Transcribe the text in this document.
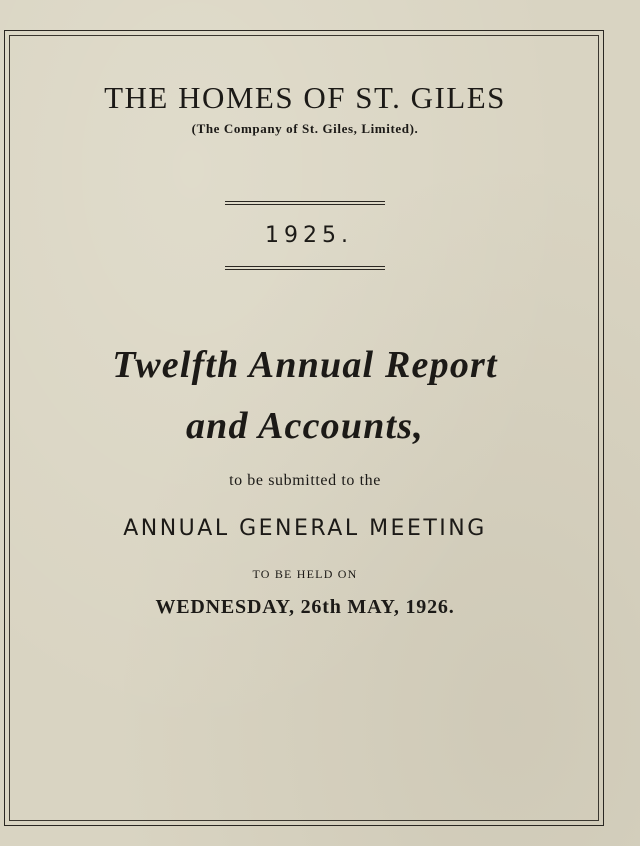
THE HOMES OF ST. GILES
(The Company of St. Giles, Limited).
1925.
Twelfth Annual Report
and Accounts,
to be submitted to the
ANNUAL GENERAL MEETING
TO BE HELD ON
WEDNESDAY, 26th MAY, 1926.
